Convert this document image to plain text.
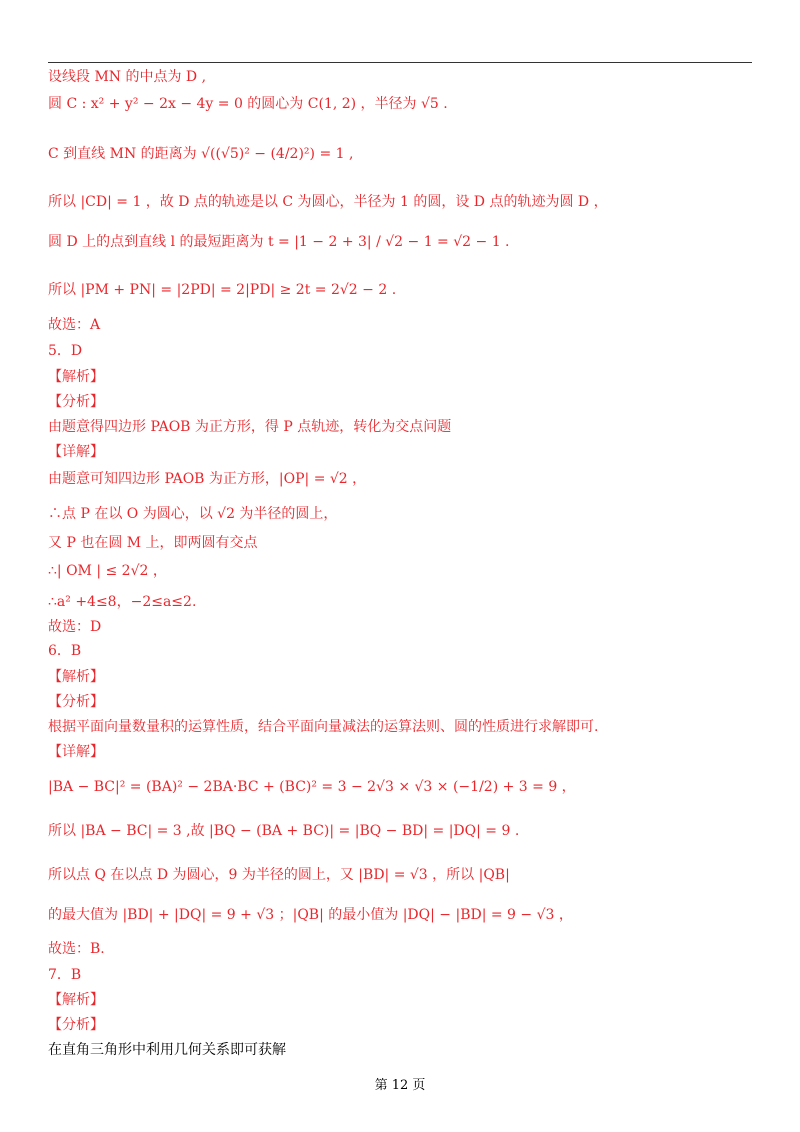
设线段 MN 的中点为 D ,
圆 C : x² + y² − 2x − 4y = 0 的圆心为 C(1, 2) ，半径为 √5 .
C 到直线 MN 的距离为 √((√5)² − (4/2)²) = 1 ,
所以 |CD| = 1 ，故 D 点的轨迹是以 C 为圆心，半径为 1 的圆，设 D 点的轨迹为圆 D ，
圆 D 上的点到直线 l 的最短距离为 t = |1 − 2 + 3| / √2 − 1 = √2 − 1 .
所以 |PM + PN| = |2PD| = 2|PD| ≥ 2t = 2√2 − 2 .
故选：A
5．D
【解析】
【分析】
由题意得四边形 PAOB 为正方形，得 P 点轨迹，转化为交点问题
【详解】
由题意可知四边形 PAOB 为正方形，|OP| = √2 ，
∴点 P 在以 O 为圆心，以 √2 为半径的圆上，
又 P 也在圆 M 上，即两圆有交点
∴| OM | ≤ 2√2 ，
∴a² +4≤8，−2≤a≤2.
故选：D
6．B
【解析】
【分析】
根据平面向量数量积的运算性质，结合平面向量减法的运算法则、圆的性质进行求解即可.
【详解】
|BA − BC|² = (BA)² − 2BA·BC + (BC)² = 3 − 2√3 × √3 × (−1/2) + 3 = 9 ，
所以 |BA − BC| = 3 ,故 |BQ − (BA + BC)| = |BQ − BD| = |DQ| = 9 .
所以点 Q 在以点 D 为圆心，9 为半径的圆上，又 |BD| = √3 ，所以 |QB|
的最大值为 |BD| + |DQ| = 9 + √3 ；|QB| 的最小值为 |DQ| − |BD| = 9 − √3 ，
故选：B.
7．B
【解析】
【分析】
在直角三角形中利用几何关系即可获解
第 12 页
